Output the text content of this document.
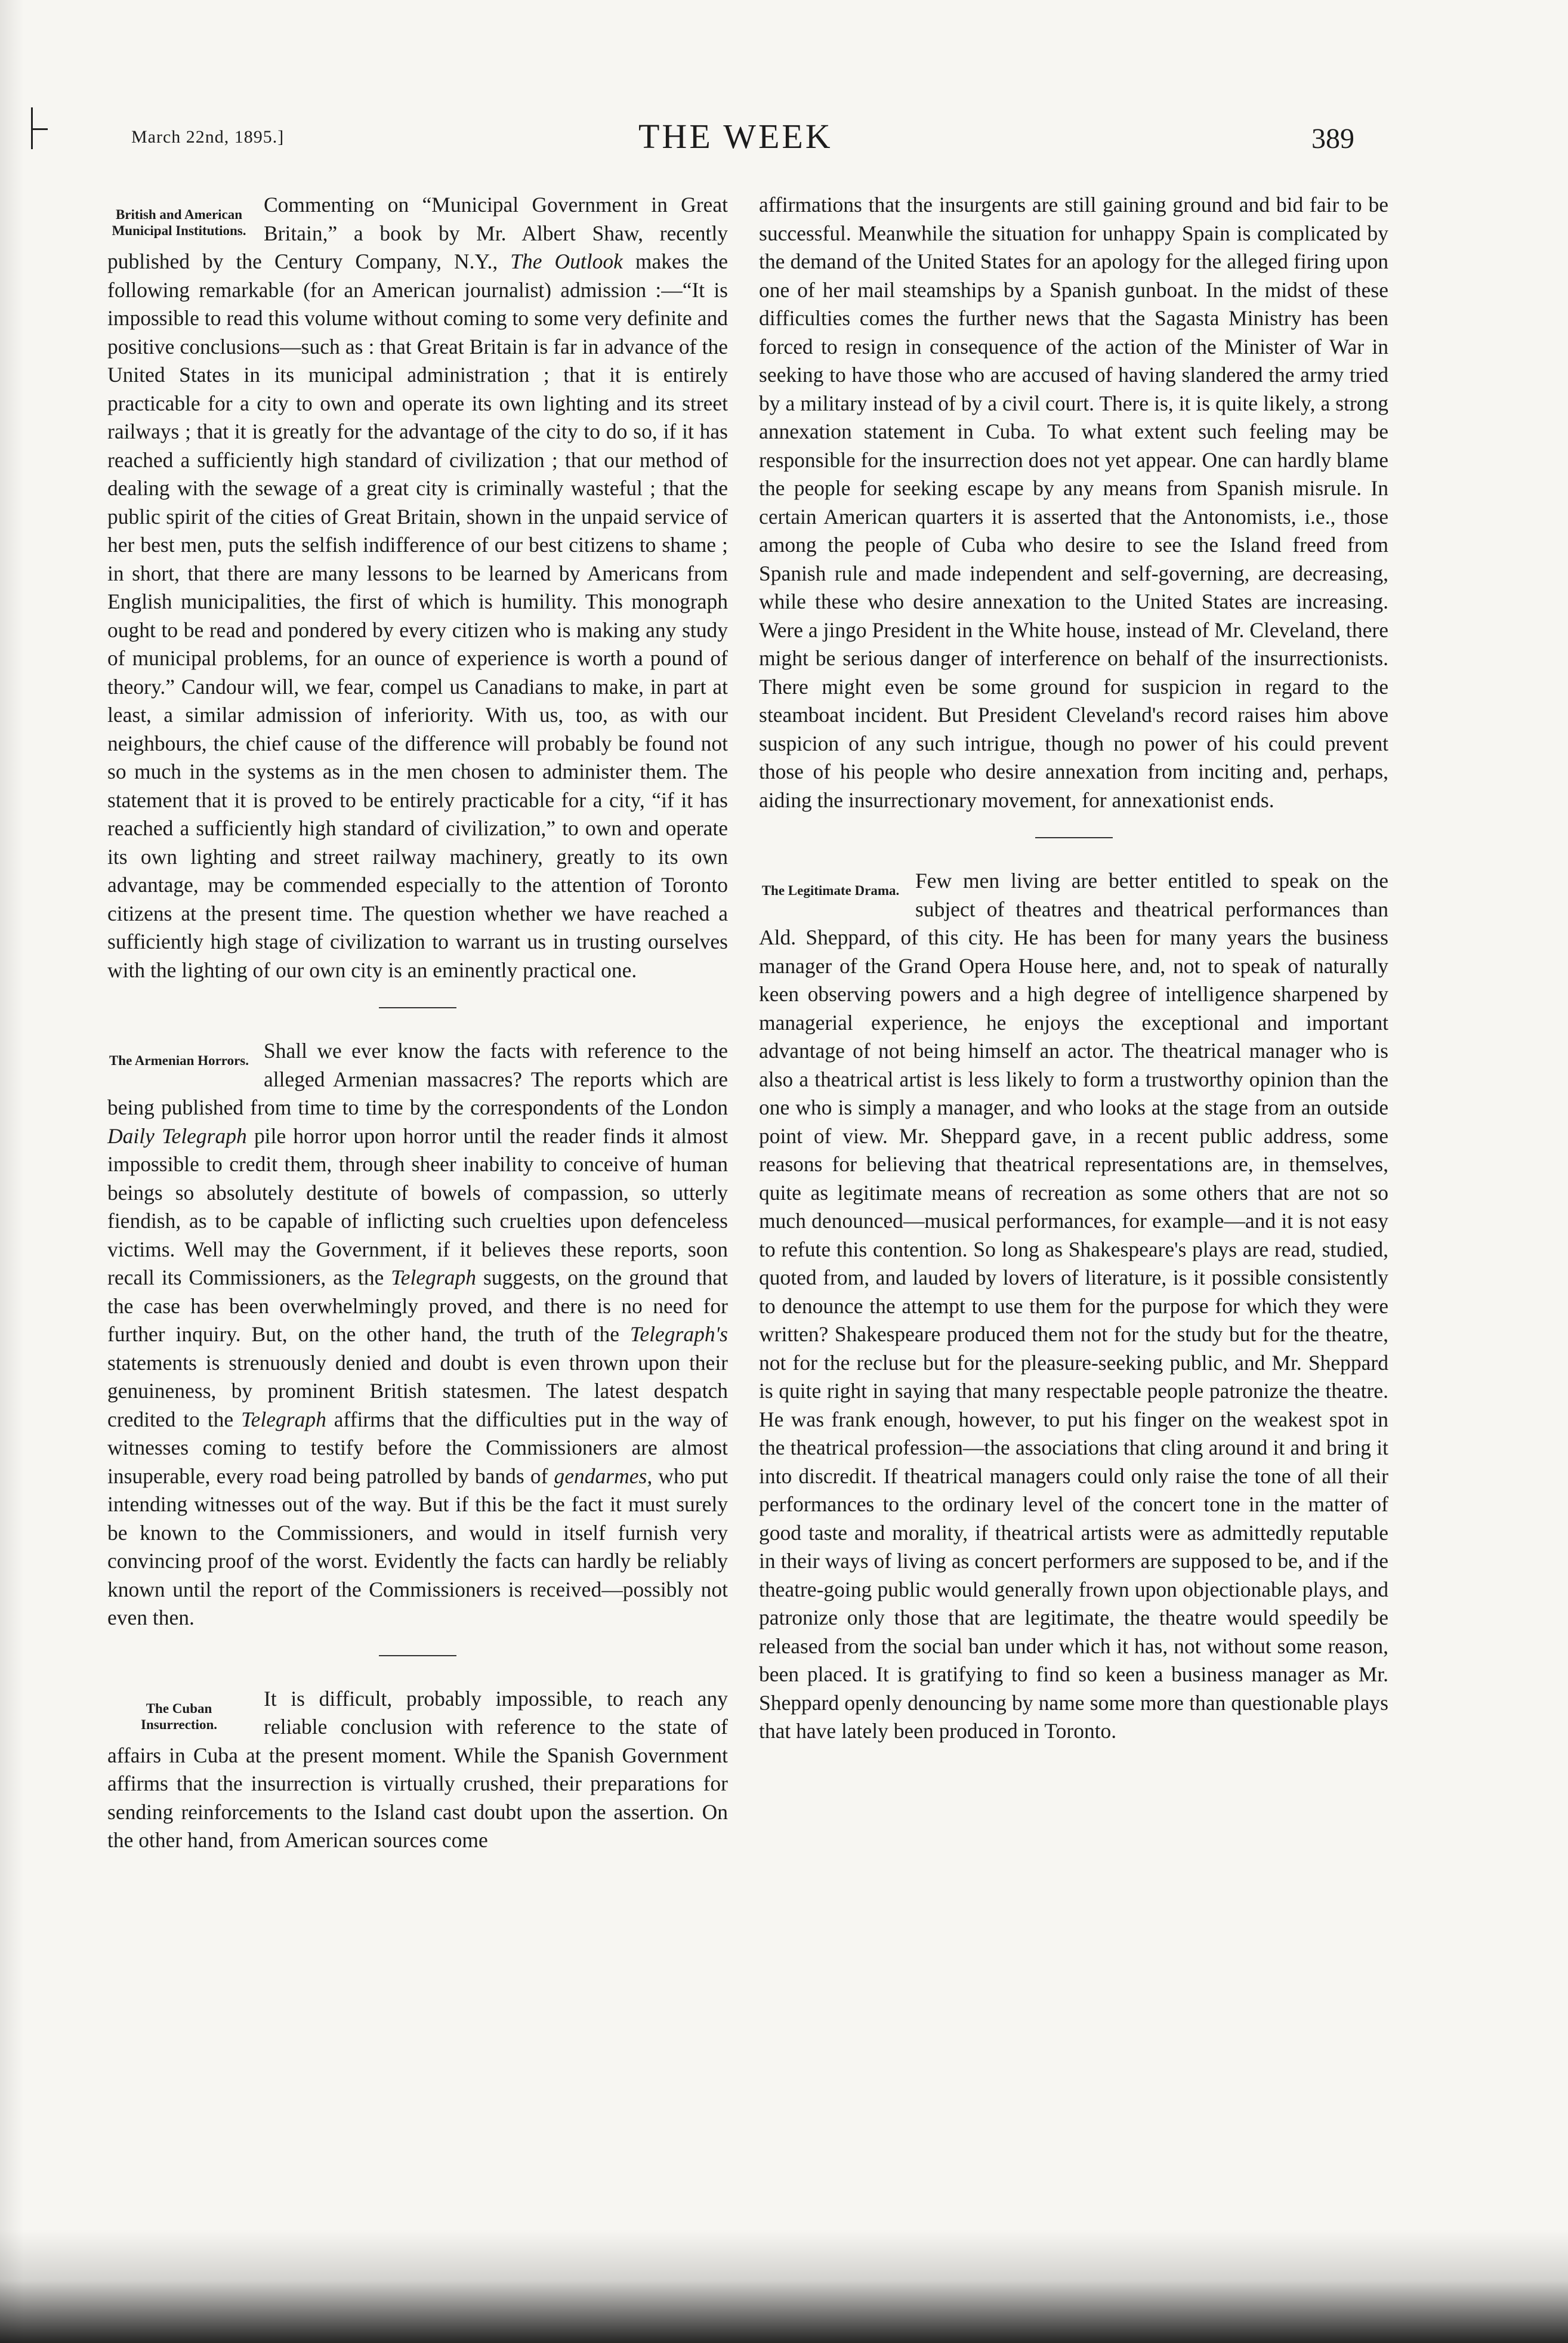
March 22nd, 1895.]	THE WEEK	389
British and American Municipal Institutions.

Commenting on “Municipal Government in Great Britain,” a book by Mr. Albert Shaw, recently published by the Century Company, N.Y., The Outlook makes the following remarkable (for an American journalist) admission :—“It is impossible to read this volume without coming to some very definite and positive conclusions—such as : that Great Britain is far in advance of the United States in its municipal administration ; that it is entirely practicable for a city to own and operate its own lighting and its street railways ; that it is greatly for the advantage of the city to do so, if it has reached a sufficiently high standard of civilization ; that our method of dealing with the sewage of a great city is criminally wasteful ; that the public spirit of the cities of Great Britain, shown in the unpaid service of her best men, puts the selfish indifference of our best citizens to shame ; in short, that there are many lessons to be learned by Americans from English municipalities, the first of which is humility. This monograph ought to be read and pondered by every citizen who is making any study of municipal problems, for an ounce of experience is worth a pound of theory.” Candour will, we fear, compel us Canadians to make, in part at least, a similar admission of inferiority. With us, too, as with our neighbours, the chief cause of the difference will probably be found not so much in the systems as in the men chosen to administer them. The statement that it is proved to be entirely practicable for a city, “if it has reached a sufficiently high standard of civilization,” to own and operate its own lighting and street railway machinery, greatly to its own advantage, may be commended especially to the attention of Toronto citizens at the present time. The question whether we have reached a sufficiently high stage of civilization to warrant us in trusting ourselves with the lighting of our own city is an eminently practical one.

The Armenian Horrors. Shall we ever know the facts with reference to the alleged Armenian massacres? The reports which are being published from time to time by the correspondents of the London Daily Telegraph pile horror upon horror until the reader finds it almost impossible to credit them, through sheer inability to conceive of human beings so absolutely destitute of bowels of compassion, so utterly fiendish, as to be capable of inflicting such cruelties upon defenceless victims. Well may the Government, if it believes these reports, soon recall its Commissioners, as the Telegraph suggests, on the ground that the case has been overwhelmingly proved, and there is no need for further inquiry. But, on the other hand, the truth of the Telegraph's statements is strenuously denied and doubt is even thrown upon their genuineness, by prominent British statesmen. The latest despatch credited to the Telegraph affirms that the difficulties put in the way of witnesses coming to testify before the Commissioners are almost insuperable, every road being patrolled by bands of gendarmes, who put intending witnesses out of the way. But if this be the fact it must surely be known to the Commissioners, and would in itself furnish very convincing proof of the worst. Evidently the facts can hardly be reliably known until the report of the Commissioners is received—possibly not even then.

The Cuban Insurrection.

It is difficult, probably impossible, to reach any reliable conclusion with reference to the state of affairs in Cuba at the present moment. While the Spanish Government affirms that the insurrection is virtually crushed, their preparations for sending reinforcements to the Island cast doubt upon the assertion. On the other hand, from American sources come

affirmations that the insurgents are still gaining ground and bid fair to be successful. Meanwhile the situation for unhappy Spain is complicated by the demand of the United States for an apology for the alleged firing upon one of her mail steamships by a Spanish gunboat. In the midst of these difficulties comes the further news that the Sagasta Ministry has been forced to resign in consequence of the action of the Minister of War in seeking to have those who are accused of having slandered the army tried by a military instead of by a civil court. There is, it is quite likely, a strong annexation statement in Cuba. To what extent such feeling may be responsible for the insurrection does not yet appear. One can hardly blame the people for seeking escape by any means from Spanish misrule. In certain American quarters it is asserted that the Antonomists, i.e., those among the people of Cuba who desire to see the Island freed from Spanish rule and made independent and self-governing, are decreasing, while these who desire annexation to the United States are increasing. Were a jingo President in the White house, instead of Mr. Cleveland, there might be serious danger of interference on behalf of the insurrectionists. There might even be some ground for suspicion in regard to the steamboat incident. But President Cleveland's record raises him above suspicion of any such intrigue, though no power of his could prevent those of his people who desire annexation from inciting and, perhaps, aiding the insurrectionary movement, for annexationist ends.

The Legitimate Drama. Few men living are better entitled to speak on the subject of theatres and theatrical performances than Ald. Sheppard, of this city. He has been for many years the business manager of the Grand Opera House here, and, not to speak of naturally keen observing powers and a high degree of intelligence sharpened by managerial experience, he enjoys the exceptional and important advantage of not being himself an actor. The theatrical manager who is also a theatrical artist is less likely to form a trustworthy opinion than the one who is simply a manager, and who looks at the stage from an outside point of view. Mr. Sheppard gave, in a recent public address, some reasons for believing that theatrical representations are, in themselves, quite as legitimate means of recreation as some others that are not so much denounced—musical performances, for example—and it is not easy to refute this contention. So long as Shakespeare's plays are read, studied, quoted from, and lauded by lovers of literature, is it possible consistently to denounce the attempt to use them for the purpose for which they were written? Shakespeare produced them not for the study but for the theatre, not for the recluse but for the pleasure-seeking public, and Mr. Sheppard is quite right in saying that many respectable people patronize the theatre. He was frank enough, however, to put his finger on the weakest spot in the theatrical profession—the associations that cling around it and bring it into discredit. If theatrical managers could only raise the tone of all their performances to the ordinary level of the concert tone in the matter of good taste and morality, if theatrical artists were as admittedly reputable in their ways of living as concert performers are supposed to be, and if the theatre-going public would generally frown upon objectionable plays, and patronize only those that are legitimate, the theatre would speedily be released from the social ban under which it has, not without some reason, been placed. It is gratifying to find so keen a business manager as Mr. Sheppard openly denouncing by name some more than questionable plays that have lately been produced in Toronto.
